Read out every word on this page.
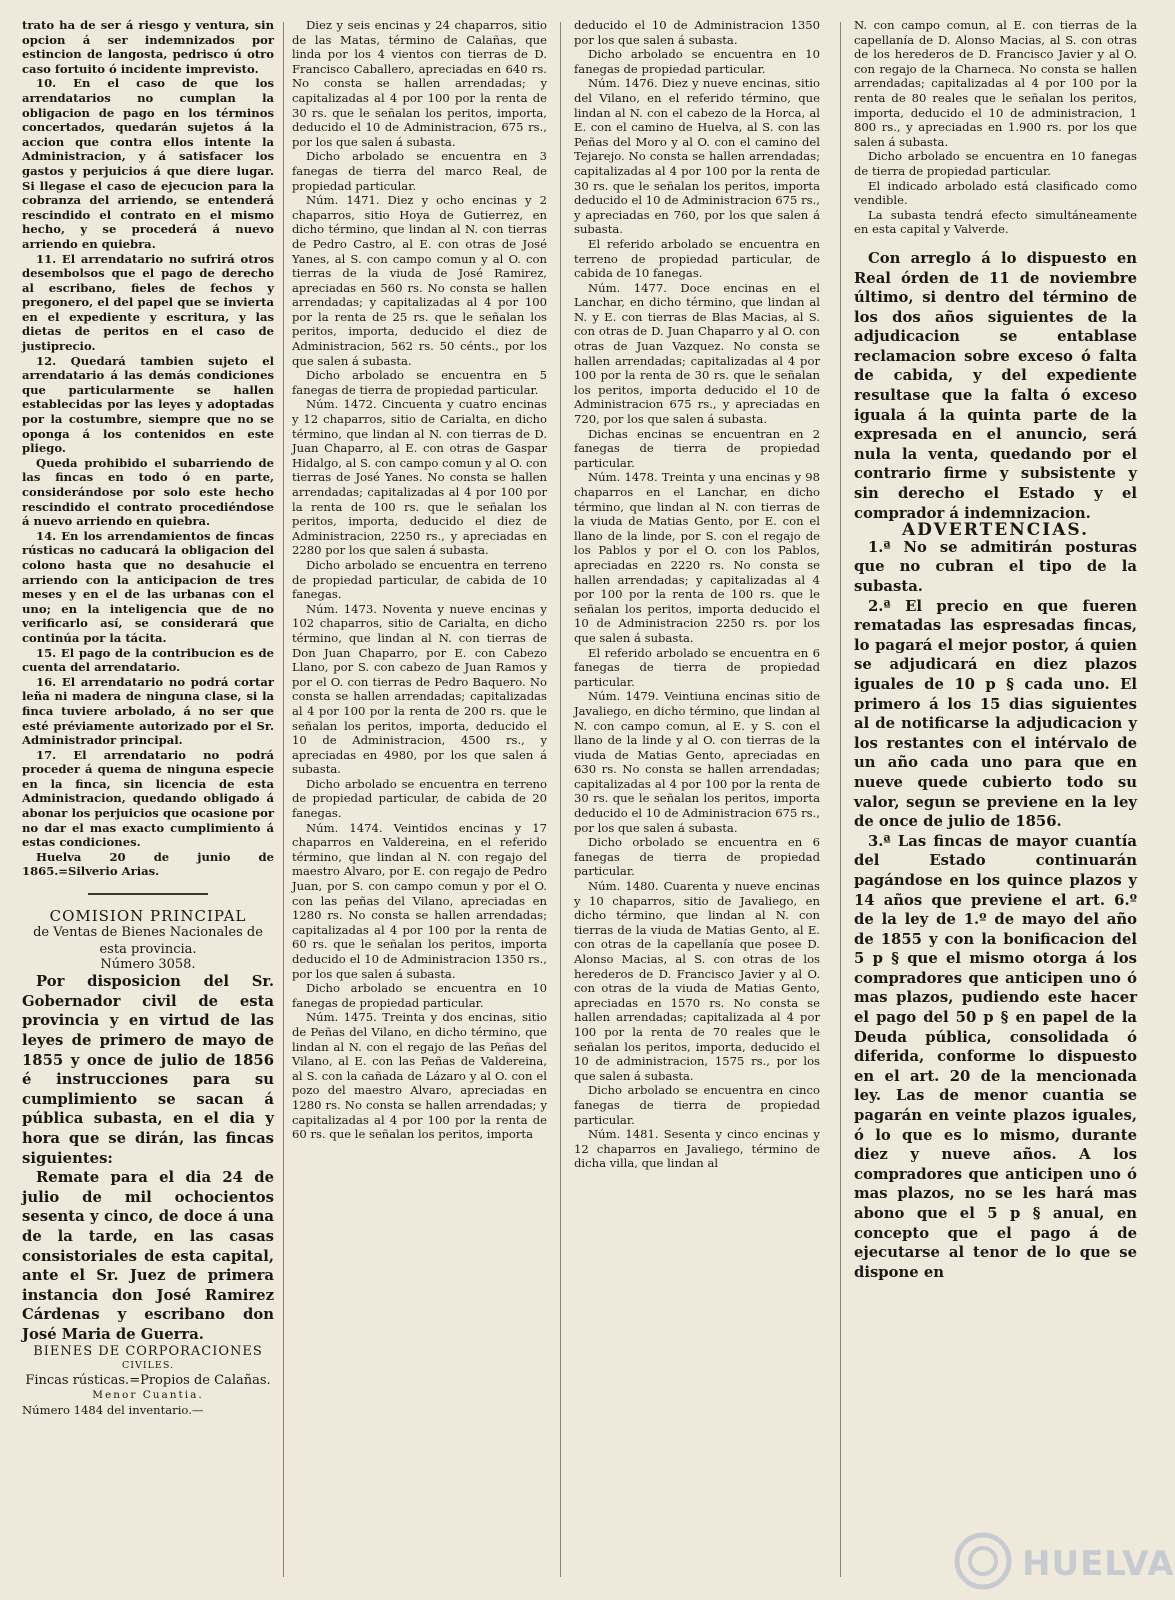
trato ha de ser á riesgo y ventura, sin opcion á ser indemnizados por estincion de langosta, pedrisco ú otro caso fortuito ó incidente imprevisto.

10. En el caso de que los arrendatarios no cumplan la obligacion de pago en los términos concertados, quedarán sujetos á la accion que contra ellos intente la Administracion, y á satisfacer los gastos y perjuicios á que diere lugar. Si llegase el caso de ejecucion para la cobranza del arriendo, se entenderá rescindido el contrato en el mismo hecho, y se procederá á nuevo arriendo en quiebra.

11. El arrendatario no sufrirá otros desembolsos que el pago de derecho al escribano, fieles de fechos y pregonero, el del papel que se invierta en el expediente y escritura, y las dietas de peritos en el caso de justiprecio.

12. Quedará tambien sujeto el arrendatario á las demás condiciones que particularmente se hallen establecidas por las leyes y adoptadas por la costumbre, siempre que no se oponga á los contenidos en este pliego.

Queda prohibido el subarriendo de las fincas en todo ó en parte, considerándose por solo este hecho rescindido el contrato procediéndose á nuevo arriendo en quiebra.

14. En los arrendamientos de fincas rústicas no caducará la obligacion del colono hasta que no desahucie el arriendo con la anticipacion de tres meses y en el de las urbanas con el uno; en la inteligencia que de no verificarlo así, se considerará que continúa por la tácita.

15. El pago de la contribucion es de cuenta del arrendatario.

16. El arrendatario no podrá cortar leña ni madera de ninguna clase, si la finca tuviere arbolado, á no ser que esté préviamente autorizado por el Sr. Administrador principal.

17. El arrendatario no podrá proceder á quema de ninguna especie en la finca, sin licencia de esta Administracion, quedando obligado á abonar los perjuicios que ocasione por no dar el mas exacto cumplimiento á estas condiciones.

Huelva 20 de junio de 1865.=Silverio Arias.

COMISION PRINCIPAL

de Ventas de Bienes Nacionales de esta provincia.

Número 3058.

Por disposicion del Sr. Gobernador civil de esta provincia y en virtud de las leyes de primero de mayo de 1855 y once de julio de 1856 é instrucciones para su cumplimiento se sacan á pública subasta, en el dia y hora que se dirán, las fincas siguientes:

Remate para el dia 24 de julio de mil ochocientos sesenta y cinco, de doce á una de la tarde, en las casas consistoriales de esta capital, ante el Sr. Juez de primera instancia don José Ramirez Cárdenas y escribano don José Maria de Guerra.

BIENES DE CORPORACIONES

CIVILES.

Fincas rústicas.=Propios de Calañas.

Menor Cuantia.

Número 1484 del inventario.—

Diez y seis encinas y 24 chaparros, sitio de las Matas, término de Calañas, que linda por los 4 vientos con tierras de D. Francisco Caballero, apreciadas en 640 rs. No consta se hallen arrendadas; y capitalizadas al 4 por 100 por la renta de 30 rs. que le señalan los peritos, importa, deducido el 10 de Administracion, 675 rs., por los que salen á subasta.

Dicho arbolado se encuentra en 3 fanegas de tierra del marco Real, de propiedad particular.

Núm. 1471. Diez y ocho encinas y 2 chaparros, sitio Hoya de Gutierrez, en dicho término, que lindan al N. con tierras de Pedro Castro, al E. con otras de José Yanes, al S. con campo comun y al O. con tierras de la viuda de José Ramirez, apreciadas en 560 rs. No consta se hallen arrendadas; y capitalizadas al 4 por 100 por la renta de 25 rs. que le señalan los peritos, importa, deducido el diez de Administracion, 562 rs. 50 cénts., por los que salen á subasta.

Dicho arbolado se encuentra en 5 fanegas de tierra de propiedad particular.

Núm. 1472. Cincuenta y cuatro encinas y 12 chaparros, sitio de Carialta, en dicho término, que lindan al N. con tierras de D. Juan Chaparro, al E. con otras de Gaspar Hidalgo, al S. con campo comun y al O. con tierras de José Yanes. No consta se hallen arrendadas; capitalizadas al 4 por 100 por la renta de 100 rs. que le señalan los peritos, importa, deducido el diez de Administracion, 2250 rs., y apreciadas en 2280 por los que salen á subasta.

Dicho arbolado se encuentra en terreno de propiedad particular, de cabida de 10 fanegas.

Núm. 1473. Noventa y nueve encinas y 102 chaparros, sitio de Carialta, en dicho término, que lindan al N. con tierras de Don Juan Chaparro, por E. con Cabezo Llano, por S. con cabezo de Juan Ramos y por el O. con tierras de Pedro Baquero. No consta se hallen arrendadas; capitalizadas al 4 por 100 por la renta de 200 rs. que le señalan los peritos, importa, deducido el 10 de Administracion, 4500 rs., y apreciadas en 4980, por los que salen á subasta.

Dicho arbolado se encuentra en terreno de propiedad particular, de cabida de 20 fanegas.

Núm. 1474. Veintidos encinas y 17 chaparros en Valdereina, en el referido término, que lindan al N. con regajo del maestro Alvaro, por E. con regajo de Pedro Juan, por S. con campo comun y por el O. con las peñas del Vilano, apreciadas en 1280 rs. No consta se hallen arrendadas; capitalizadas al 4 por 100 por la renta de 60 rs. que le señalan los peritos, importa deducido el 10 de Administracion 1350 rs., por los que salen á subasta.

Dicho arbolado se encuentra en 10 fanegas de propiedad particular.

Núm. 1475. Treinta y dos encinas, sitio de Peñas del Vilano, en dicho término, que lindan al N. con el regajo de las Peñas del Vilano, al E. con las Peñas de Valdereina, al S. con la cañada de Lázaro y al O. con el pozo del maestro Alvaro, apreciadas en 1280 rs. No consta se hallen arrendadas; y capitalizadas al 4 por 100 por la renta de 60 rs. que le señalan los peritos, importa

deducido el 10 de Administracion 1350 por los que salen á subasta.

Dicho arbolado se encuentra en 10 fanegas de propiedad particular.

Núm. 1476. Diez y nueve encinas, sitio del Vilano, en el referido término, que lindan al N. con el cabezo de la Horca, al E. con el camino de Huelva, al S. con las Peñas del Moro y al O. con el camino del Tejarejo. No consta se hallen arrendadas; capitalizadas al 4 por 100 por la renta de 30 rs. que le señalan los peritos, importa deducido el 10 de Administracion 675 rs., y apreciadas en 760, por los que salen á subasta.

El referido arbolado se encuentra en terreno de propiedad particular, de cabida de 10 fanegas.

Núm. 1477. Doce encinas en el Lanchar, en dicho término, que lindan al N. y E. con tierras de Blas Macias, al S. con otras de D. Juan Chaparro y al O. con otras de Juan Vazquez. No consta se hallen arrendadas; capitalizadas al 4 por 100 por la renta de 30 rs. que le señalan los peritos, importa deducido el 10 de Administracion 675 rs., y apreciadas en 720, por los que salen á subasta.

Dichas encinas se encuentran en 2 fanegas de tierra de propiedad particular.

Núm. 1478. Treinta y una encinas y 98 chaparros en el Lanchar, en dicho término, que lindan al N. con tierras de la viuda de Matias Gento, por E. con el llano de la linde, por S. con el regajo de los Pablos y por el O. con los Pablos, apreciadas en 2220 rs. No consta se hallen arrendadas; y capitalizadas al 4 por 100 por la renta de 100 rs. que le señalan los peritos, importa deducido el 10 de Administracion 2250 rs. por los que salen á subasta.

El referido arbolado se encuentra en 6 fanegas de tierra de propiedad particular.

Núm. 1479. Veintiuna encinas sitio de Javaliego, en dicho término, que lindan al N. con campo comun, al E. y S. con el llano de la linde y al O. con tierras de la viuda de Matias Gento, apreciadas en 630 rs. No consta se hallen arrendadas; capitalizadas al 4 por 100 por la renta de 30 rs. que le señalan los peritos, importa deducido el 10 de Administracion 675 rs., por los que salen á subasta.

Dicho orbolado se encuentra en 6 fanegas de tierra de propiedad particular.

Núm. 1480. Cuarenta y nueve encinas y 10 chaparros, sitio de Javaliego, en dicho término, que lindan al N. con tierras de la viuda de Matias Gento, al E. con otras de la capellanía que posee D. Alonso Macias, al S. con otras de los herederos de D. Francisco Javier y al O. con otras de la viuda de Matias Gento, apreciadas en 1570 rs. No consta se hallen arrendadas; capitalizada al 4 por 100 por la renta de 70 reales que le señalan los peritos, importa, deducido el 10 de administracion, 1575 rs., por los que salen á subasta.

Dicho arbolado se encuentra en cinco fanegas de tierra de propiedad particular.

Núm. 1481. Sesenta y cinco encinas y 12 chaparros en Javaliego, término de dicha villa, que lindan al

N. con campo comun, al E. con tierras de la capellanía de D. Alonso Macias, al S. con otras de los herederos de D. Francisco Javier y al O. con regajo de la Charneca. No consta se hallen arrendadas; capitalizadas al 4 por 100 por la renta de 80 reales que le señalan los peritos, importa, deducido el 10 de administracion, 1 800 rs., y apreciadas en 1.900 rs. por los que salen á subasta.

Dicho arbolado se encuentra en 10 fanegas de tierra de propiedad particular.

El indicado arbolado está clasificado como vendible.

La subasta tendrá efecto simultáneamente en esta capital y Valverde.

Con arreglo á lo dispuesto en Real órden de 11 de noviembre último, si dentro del término de los dos años siguientes de la adjudicacion se entablase reclamacion sobre exceso ó falta de cabida, y del expediente resultase que la falta ó exceso iguala á la quinta parte de la expresada en el anuncio, será nula la venta, quedando por el contrario firme y subsistente y sin derecho el Estado y el comprador á indemnizacion.

ADVERTENCIAS.

1.ª No se admitirán posturas que no cubran el tipo de la subasta.

2.ª El precio en que fueren rematadas las espresadas fincas, lo pagará el mejor postor, á quien se adjudicará en diez plazos iguales de 10 p § cada uno. El primero á los 15 dias siguientes al de notificarse la adjudicacion y los restantes con el intérvalo de un año cada uno para que en nueve quede cubierto todo su valor, segun se previene en la ley de once de julio de 1856.

3.ª Las fincas de mayor cuantía del Estado continuarán pagándose en los quince plazos y 14 años que previene el art. 6.º de la ley de 1.º de mayo del año de 1855 y con la bonificacion del 5 p § que el mismo otorga á los compradores que anticipen uno ó mas plazos, pudiendo este hacer el pago del 50 p § en papel de la Deuda pública, consolidada ó diferida, conforme lo dispuesto en el art. 20 de la mencionada ley. Las de menor cuantia se pagarán en veinte plazos iguales, ó lo que es lo mismo, durante diez y nueve años. A los compradores que anticipen uno ó mas plazos, no se les hará mas abono que el 5 p § anual, en concepto que el pago á de ejecutarse al tenor de lo que se dispone en

HUELVA
